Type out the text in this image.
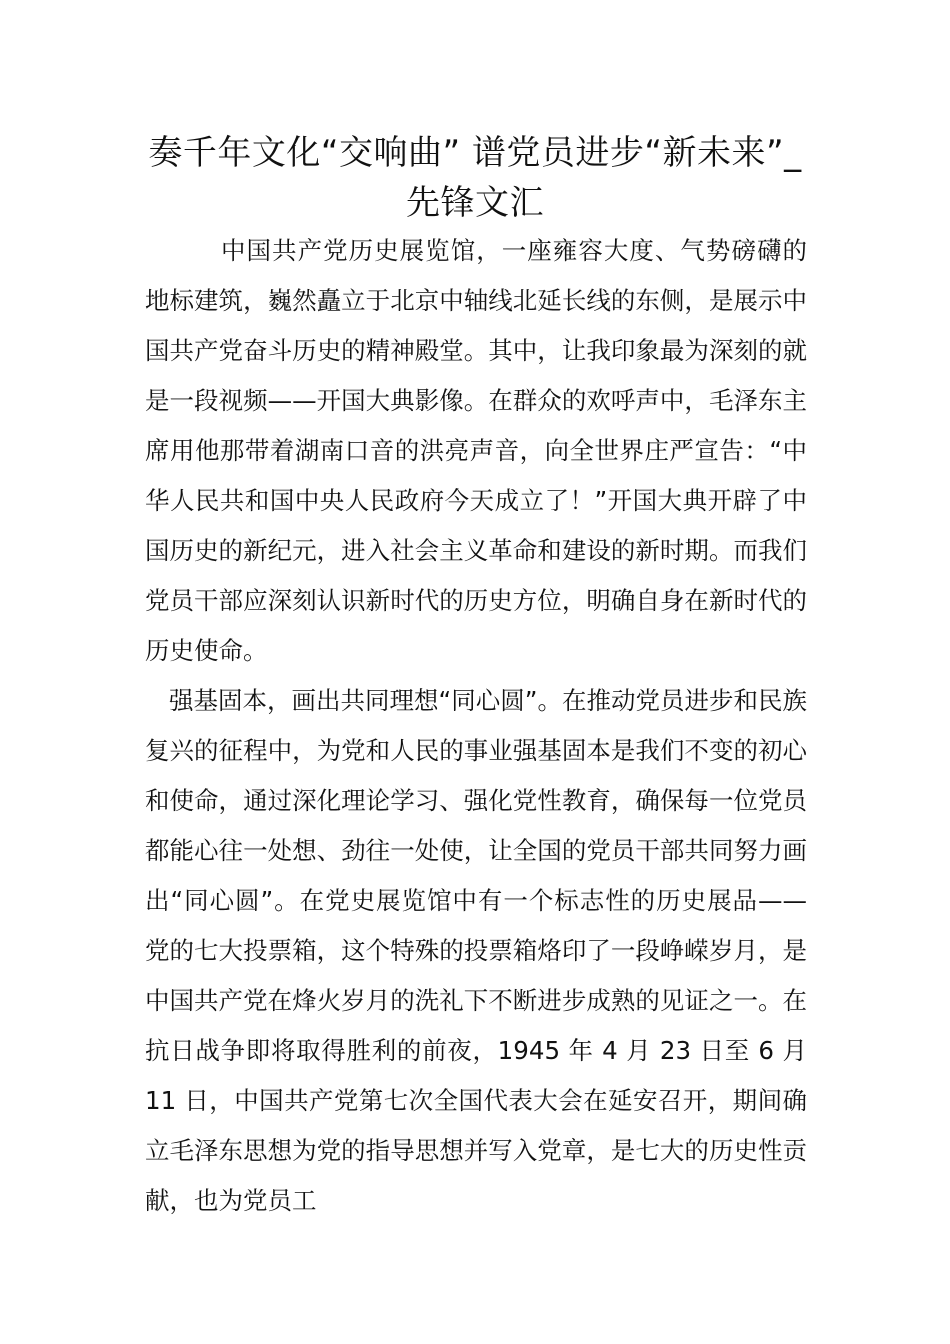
奏千年文化“交响曲” 谱党员进步“新未来”_先锋文汇

中国共产党历史展览馆，一座雍容大度、气势磅礴的地标建筑，巍然矗立于北京中轴线北延长线的东侧，是展示中国共产党奋斗历史的精神殿堂。其中，让我印象最为深刻的就是一段视频——开国大典影像。在群众的欢呼声中，毛泽东主席用他那带着湖南口音的洪亮声音，向全世界庄严宣告：“中华人民共和国中央人民政府今天成立了！”开国大典开辟了中国历史的新纪元，进入社会主义革命和建设的新时期。而我们党员干部应深刻认识新时代的历史方位，明确自身在新时代的历史使命。

强基固本，画出共同理想“同心圆”。在推动党员进步和民族复兴的征程中，为党和人民的事业强基固本是我们不变的初心和使命，通过深化理论学习、强化党性教育，确保每一位党员都能心往一处想、劲往一处使，让全国的党员干部共同努力画出“同心圆”。在党史展览馆中有一个标志性的历史展品——党的七大投票箱，这个特殊的投票箱烙印了一段峥嵘岁月，是中国共产党在烽火岁月的洗礼下不断进步成熟的见证之一。在抗日战争即将取得胜利的前夜，1945 年 4 月 23 日至 6 月 11 日，中国共产党第七次全国代表大会在延安召开，期间确立毛泽东思想为党的指导思想并写入党章，是七大的历史性贡献，也为党员工
